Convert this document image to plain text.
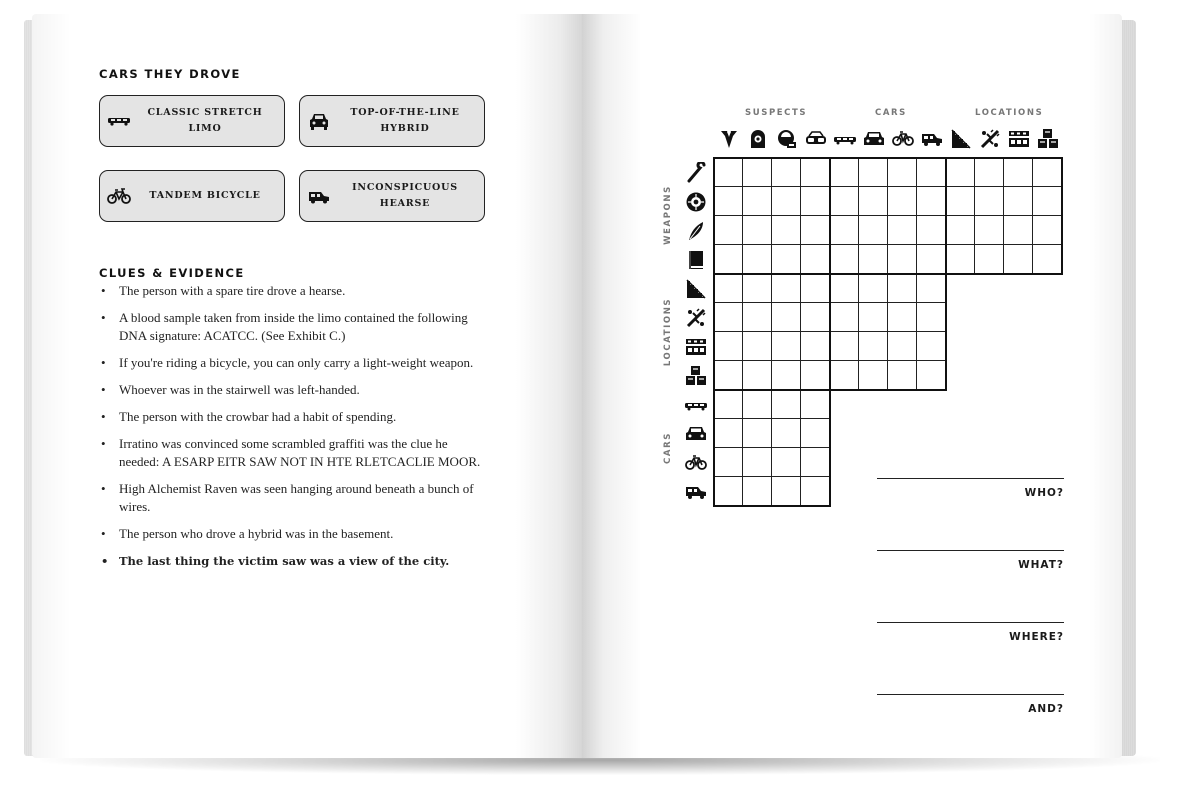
CARS THEY DROVE
CLASSIC STRETCH LIMO
TOP-OF-THE-LINE
HYBRID
TANDEM BICYCLE
INCONSPICUOUS
HEARSE
CLUES & EVIDENCE
• The person with a spare tire drove a hearse.
• A blood sample taken from inside the limo contained the following DNA signature: ACATCC. (See Exhibit C.)
• If you're riding a bicycle, you can only carry a light-weight weapon.
• Whoever was in the stairwell was left-handed.
• The person with the crowbar had a habit of spending.
• Irratino was convinced some scrambled graffiti was the clue he needed: A ESARP EITR SAW NOT IN HTE RLETCACLIE MOOR.
• High Alchemist Raven was seen hanging around beneath a bunch of wires.
• The person who drove a hybrid was in the basement.
• The last thing the victim saw was a view of the city.
SUSPECTS	CARS	LOCATIONS
WEAPONS
LOCATIONS
CARS
WHO?
WHAT?
WHERE?
AND?
